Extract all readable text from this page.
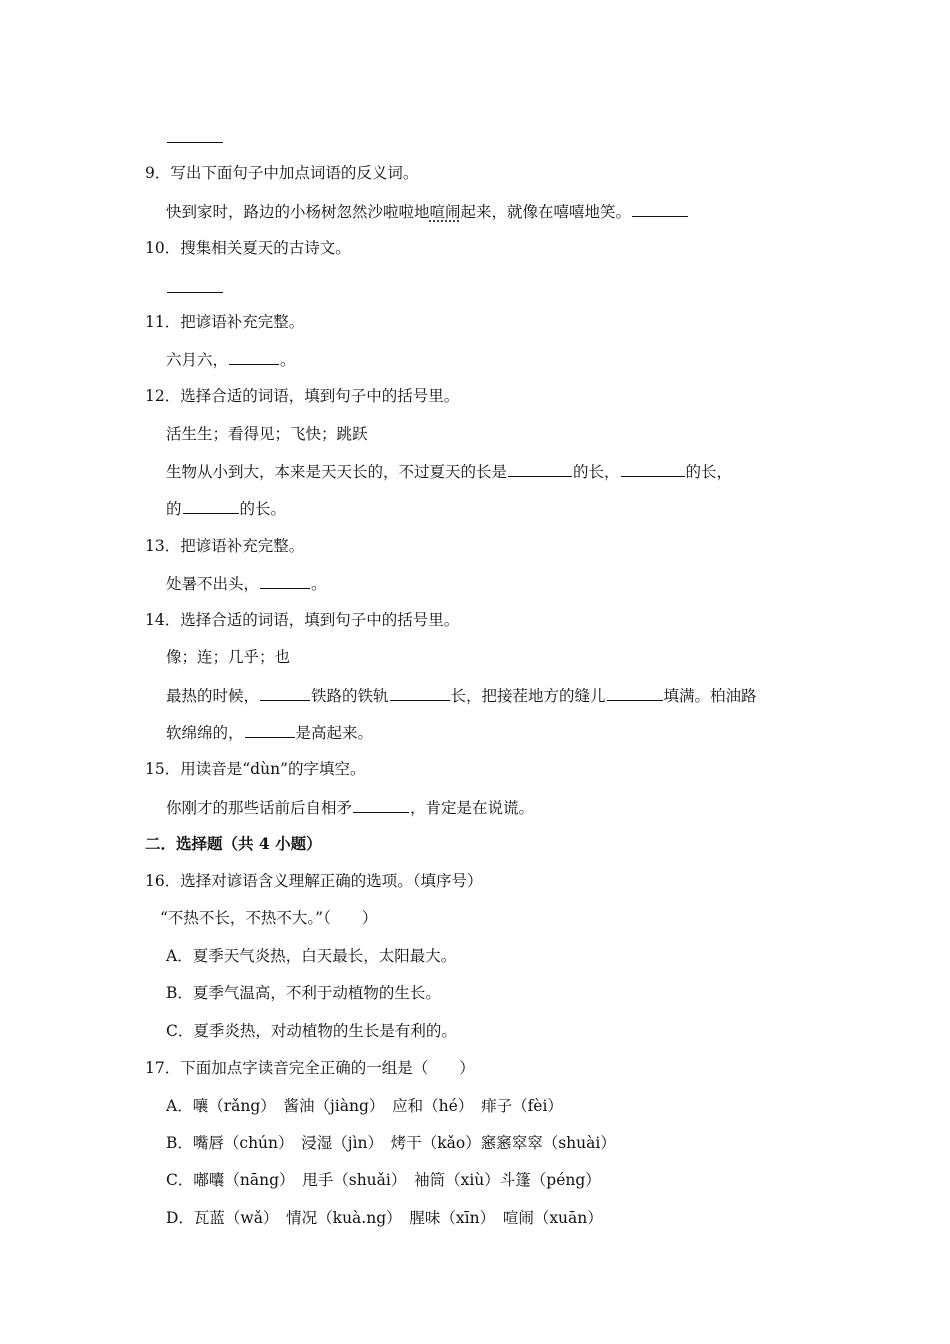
9．写出下面句子中加点词语的反义词。
快到家时，路边的小杨树忽然沙啦啦地喧闹起来，就像在嘻嘻地笑。
10．搜集相关夏天的古诗文。
11．把谚语补充完整。
六月六，	。
12．选择合适的词语，填到句子中的括号里。
活生生；看得见；飞快；跳跃
生物从小到大，本来是天天长的，不过夏天的长是	的长，	的长，
的	的长。
13．把谚语补充完整。
处暑不出头，	。
14．选择合适的词语，填到句子中的括号里。
像；连；几乎；也
最热的时候，	铁路的铁轨	长，把接茬地方的缝儿	填满。柏油路
软绵绵的，	是高起来。
15．用读音是“dùn”的字填空。
你刚才的那些话前后自相矛	，肯定是在说谎。
二．选择题（共 4 小题）
16．选择对谚语含义理解正确的选项。（填序号）
“不热不长，不热不大。”（　　）
A．夏季天气炎热，白天最长，太阳最大。
B．夏季气温高，不利于动植物的生长。
C．夏季炎热，对动植物的生长是有利的。
17．下面加点字读音完全正确的一组是（　　）
A．嚷（rǎng）　酱油（jiàng）　应和（hé）　痱子（fèi）
B．嘴唇（chún）　浸湿（jìn）　烤干（kǎo）窸窸窣窣（shuài）
C．嘟囔（nāng）　甩手（shuǎi）　袖筒（xiù）斗篷（péng）
D．瓦蓝（wǎ）　情况（kuà.ng）　腥味（xīn）　喧闹（xuān）
